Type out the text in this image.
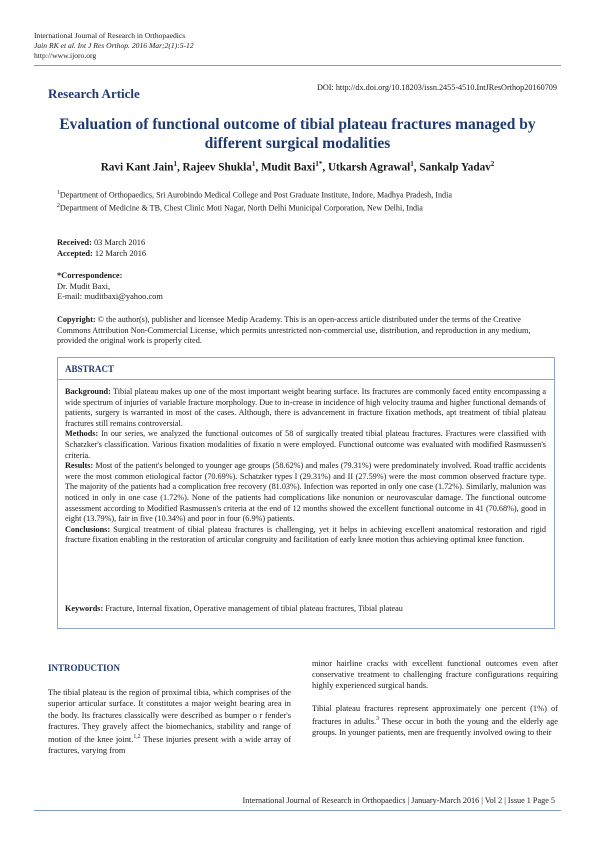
International Journal of Research in Orthopaedics
Jain RK et al. Int J Res Orthop. 2016 Mar;2(1):5-12
http://www.ijoro.org
Research Article	DOI: http://dx.doi.org/10.18203/issn.2455-4510.IntJResOrthop20160709
Evaluation of functional outcome of tibial plateau fractures managed by different surgical modalities
Ravi Kant Jain$^1$, Rajeev Shukla$^1$, Mudit Baxi$^{1*}$, Utkarsh Agrawal$^1$, Sankalp Yadav$^2$

$^1$Department of Orthopaedics, Sri Aurobindo Medical College and Post Graduate Institute, Indore, Madhya Pradesh, India

$^2$Department of Medicine & TB, Chest Clinic Moti Nagar, North Delhi Municipal Corporation, New Delhi, India

Received: 03 March 2016
Accepted: 12 March 2016
*Correspondence:
Dr. Mudit Baxi,
E-mail: muditbaxi@yahoo.com
Copyright: © the author(s), publisher and licensee Medip Academy. This is an open-access article distributed under the terms of the Creative Commons Attribution Non-Commercial License, which permits unrestricted non-commercial use, distribution, and reproduction in any medium, provided the original work is properly cited.
ABSTRACT

Background: Tibial plateau makes up one of the most important weight bearing surface. Its fractures are commonly faced entity encompassing a wide spectrum of injuries of variable fracture morphology. Due to in-crease in incidence of high velocity trauma and higher functional demands of patients, surgery is warranted in most of the cases. Although, there is advancement in fracture fixation methods, apt treatment of tibial plateau fractures still remains controversial.

Methods: In our series, we analyzed the functional outcomes of 58 of surgically treated tibial plateau fractures. Fractures were classified with Schatzker's classification. Various fixation modalities of fixatio n were employed. Functional outcome was evaluated with modified Rasmussen's criteria.

Results: Most of the patient's belonged to younger age groups (58.62%) and males (79.31%) were predominately involved. Road traffic accidents were the most common etiological factor (70.69%). Schatzker types I (29.31%) and II (27.59%) were the most common observed fracture type. The majority of the patients had a complication free recovery (81.03%). Infection was reported in only one case (1.72%). Similarly, malunion was noticed in only in one case (1.72%). None of the patients had complications like nonunion or neurovascular damage. The functional outcome assessment according to Modified Rasmussen's criteria at the end of 12 months showed the excellent functional outcome in 41 (70.68%), good in eight (13.79%), fair in five (10.34%) and poor in four (6.9%) patients.

Conclusions: Surgical treatment of tibial plateau fractures is challenging, yet it helps in achieving excellent anatomical restoration and rigid fracture fixation enabling in the restoration of articular congruity and facilitation of early knee motion thus achieving optimal knee function.

Keywords: Fracture, Internal fixation, Operative management of tibial plateau fractures, Tibial plateau
INTRODUCTION

The tibial plateau is the region of proximal tibia, which comprises of the superior articular surface. It constitutes a major weight bearing area in the body. Its fractures classically were described as bumper o r fender's fractures. They gravely affect the biomechanics, stability and range of motion of the knee joint.$^{1,2}$ These injuries present with a wide array of fractures, varying from

minor hairline cracks with excellent functional outcomes even after conservative treatment to challenging fracture configurations requiring highly experienced surgical hands.

Tibial plateau fractures represent approximately one percent (1%) of fractures in adults.$^3$ These occur in both the young and the elderly age groups. In younger patients, men are frequently involved owing to their

International Journal of Research in Orthopaedics | January-March 2016 | Vol 2 | Issue 1 Page 5
